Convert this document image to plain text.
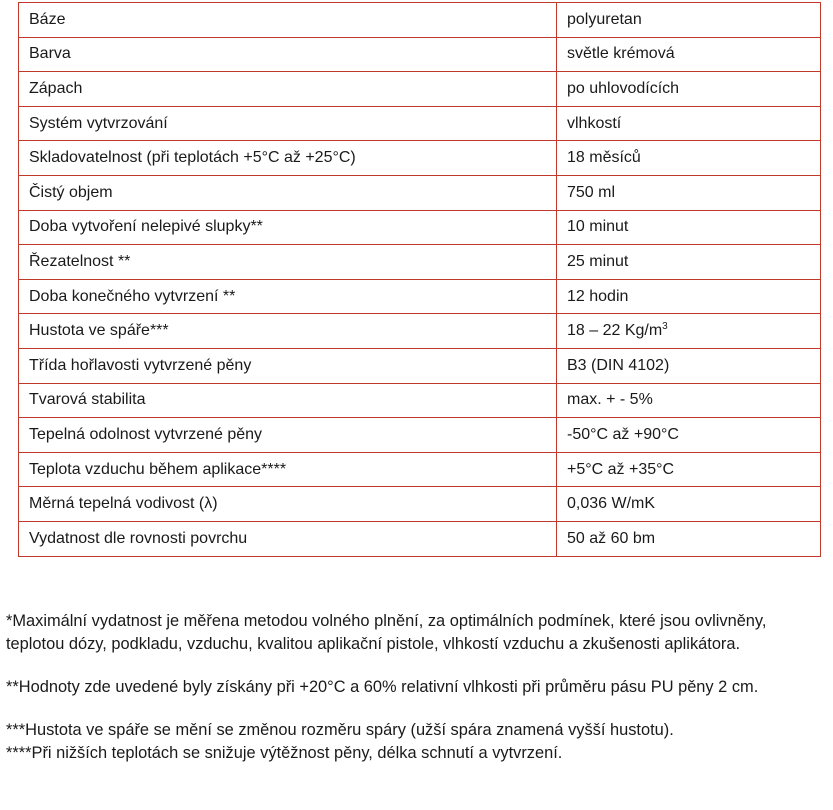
Báze	polyuretan
Barva	světle krémová
Zápach	po uhlovodících
Systém vytvrzování	vlhkostí
Skladovatelnost (při teplotách +5°C až +25°C)	18 měsíců
Čistý objem	750 ml
Doba vytvoření nelepivé slupky**	10 minut
Řezatelnost **	25 minut
Doba konečného vytvrzení **	12 hodin
Hustota ve spáře***	18 – 22 $Kg/m^3$
Třída hořlavosti vytvrzené pěny	B3 (DIN 4102)
Tvarová stabilita	max. + - 5%
Tepelná odolnost vytvrzené pěny	-50°C až +90°C
Teplota vzduchu během aplikace****	+5°C až +35°C
Měrná tepelná vodivost (λ)	0,036 W/mK
Vydatnost dle rovnosti povrchu	50 až 60 bm

*Maximální vydatnost je měřena metodou volného plnění, za optimálních podmínek, které jsou ovlivněny, teplotou dózy, podkladu, vzduchu, kvalitou aplikační pistole, vlhkostí vzduchu a zkušenosti aplikátora.

**Hodnoty zde uvedené byly získány při +20°C a 60% relativní vlhkosti při průměru pásu PU pěny 2 cm.

***Hustota ve spáře se mění se změnou rozměru spáry (užší spára znamená vyšší hustotu).

****Při nižších teplotách se snižuje výtěžnost pěny, délka schnutí a vytvrzení.
